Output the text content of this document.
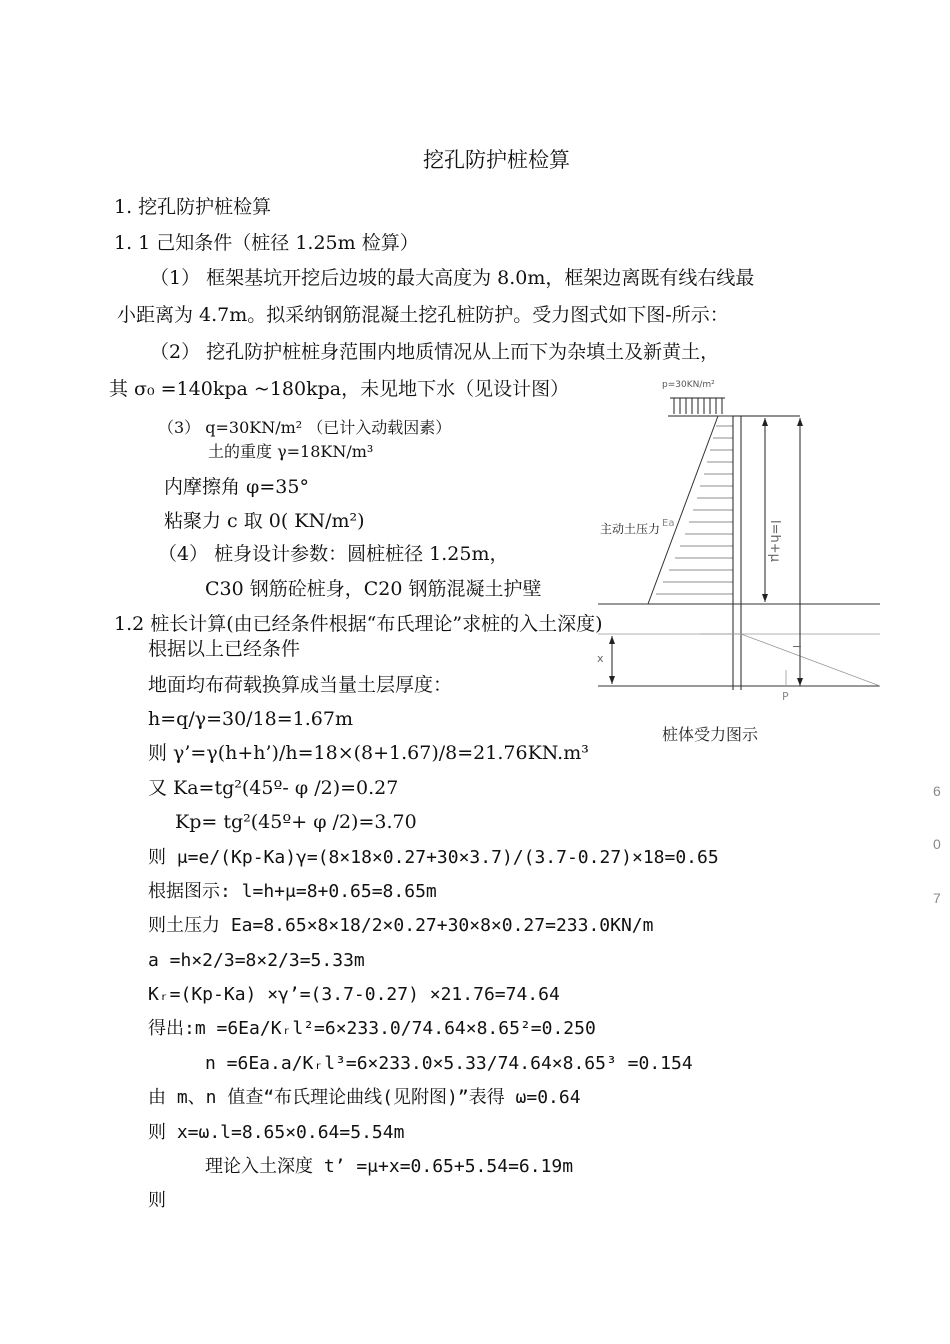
挖孔防护桩检算
1. 挖孔防护桩检算
1. 1 己知条件（桩径 1.25m 检算）
（1） 框架基坑开挖后边坡的最大高度为 8.0m，框架边离既有线右线最
小距离为 4.7m。拟采纳钢筋混凝土挖孔桩防护。受力图式如下图-所示：
（2） 挖孔防护桩桩身范围内地质情况从上而下为杂填土及新黄土，
其 σ₀ =140kpa ~180kpa，未见地下水（见设计图）
（3） q=30KN/m² （已计入动载因素）
土的重度 γ=18KN/m³
内摩擦角 φ=35°
粘聚力 c 取 0( KN/m²)
（4） 桩身设计参数：圆桩桩径 1.25m，
C30 钢筋砼桩身，C20 钢筋混凝土护壁
1.2 桩长计算(由已经条件根据“布氏理论”求桩的入土深度)
根据以上已经条件
地面均布荷载换算成当量土层厚度：
h=q/γ=30/18=1.67m
则 γ’=γ(h+h’)/h=18×(8+1.67)/8=21.76KN.m³
又 Ka=tg²(45º- φ /2)=0.27
Kp= tg²(45º+ φ /2)=3.70
则 μ=e/(Kp-Ka)γ=(8×18×0.27+30×3.7)/(3.7-0.27)×18=0.65
根据图示: l=h+μ=8+0.65=8.65m
则土压力 Ea=8.65×8×18/2×0.27+30×8×0.27=233.0KN/m
a =h×2/3=8×2/3=5.33m
Kᵣ=(Kp-Ka) ×γ’=(3.7-0.27) ×21.76=74.64
得出:m =6Ea/Kᵣl²=6×233.0/74.64×8.65²=0.250
n =6Ea.a/Kᵣl³=6×233.0×5.33/74.64×8.65³ =0.154
由 m、n 值查“布氏理论曲线(见附图)”表得 ω=0.64
则 x=ω.l=8.65×0.64=5.54m
理论入土深度 t’ =μ+x=0.65+5.54=6.19m
则
p=30KN/m²
主动土压力 Ea	l=h+μ
l
x
P
桩体受力图示
6
0
7
